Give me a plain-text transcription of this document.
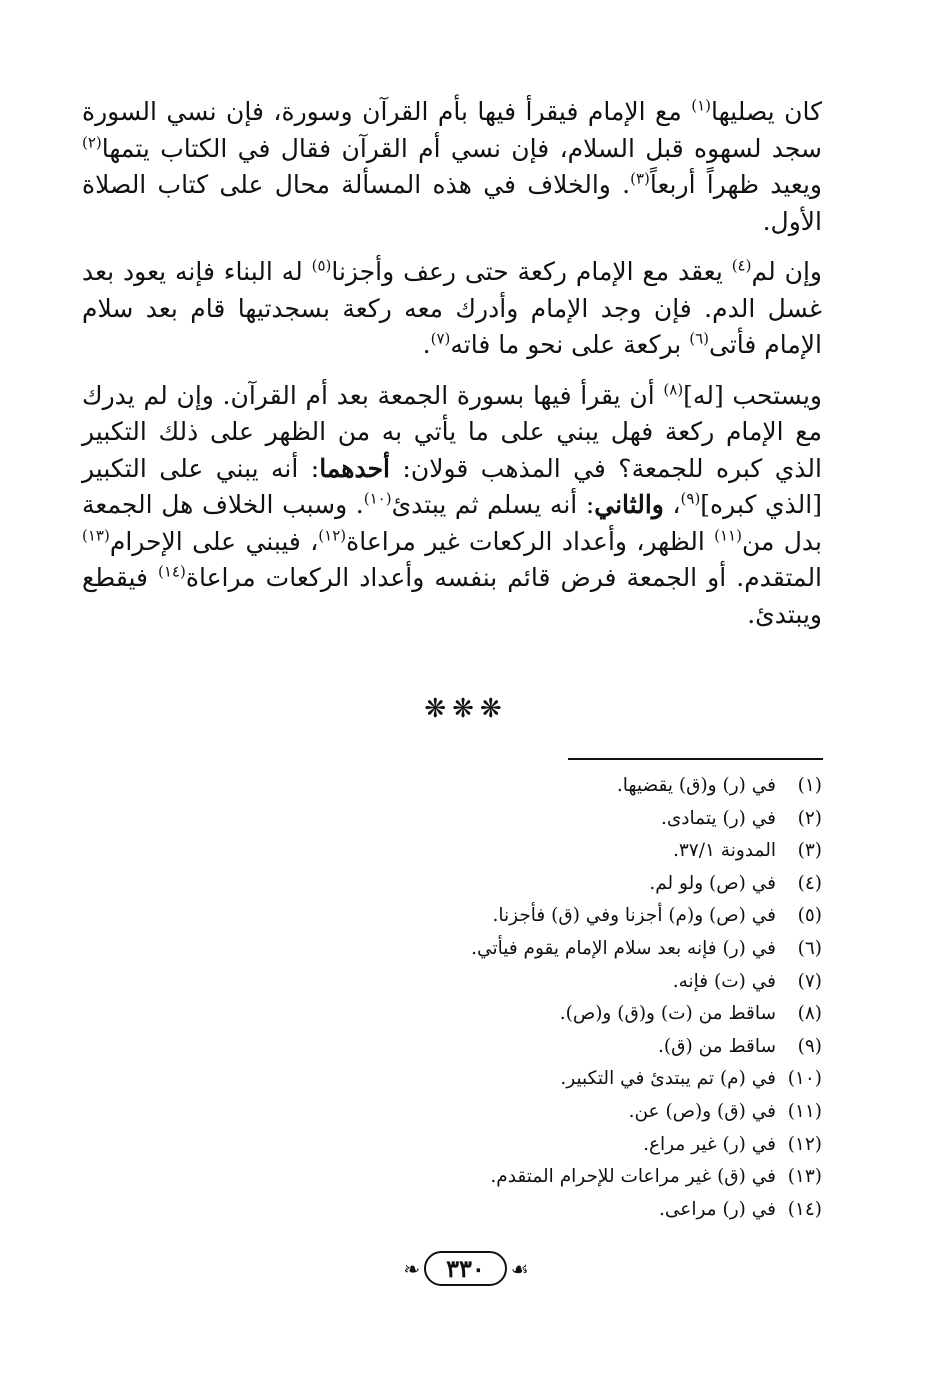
كان يصليها$^{(١)}$ مع الإمام فيقرأ فيها بأم القرآن وسورة، فإن نسي السورة سجد لسهوه قبل السلام، فإن نسي أم القرآن فقال في الكتاب يتمها$^{(٢)}$ ويعيد ظهراً أربعاً$^{(٣)}$. والخلاف في هذه المسألة محال على كتاب الصلاة الأول.

وإن لم$^{(٤)}$ يعقد مع الإمام ركعة حتى رعف وأجزنا$^{(٥)}$ له البناء فإنه يعود بعد غسل الدم. فإن وجد الإمام وأدرك معه ركعة بسجدتيها قام بعد سلام الإمام فأتى$^{(٦)}$ بركعة على نحو ما فاته$^{(٧)}$.

ويستحب [له]$^{(٨)}$ أن يقرأ فيها بسورة الجمعة بعد أم القرآن. وإن لم يدرك مع الإمام ركعة فهل يبني على ما يأتي به من الظهر على ذلك التكبير الذي كبره للجمعة؟ في المذهب قولان: أحدهما: أنه يبني على التكبير [الذي كبره]$^{(٩)}$، والثاني: أنه يسلم ثم يبتدئ$^{(١٠)}$. وسبب الخلاف هل الجمعة بدل من$^{(١١)}$ الظهر، وأعداد الركعات غير مراعاة$^{(١٢)}$، فيبني على الإحرام$^{(١٣)}$ المتقدم. أو الجمعة فرض قائم بنفسه وأعداد الركعات مراعاة$^{(١٤)}$ فيقطع ويبتدئ.

❋❋❋
(١)في (ر) و(ق) يقضيها.
(٢)في (ر) يتمادى.
(٣)المدونة ٣٧/١.
(٤)في (ص) ولو لم.
(٥)في (ص) و(م) أجزنا وفي (ق) فأجزنا.
(٦)في (ر) فإنه بعد سلام الإمام يقوم فيأتي.
(٧)في (ت) فإنه.
(٨)ساقط من (ت) و(ق) و(ص).
(٩)ساقط من (ق).
(١٠)في (م) تم يبتدئ في التكبير.
(١١)في (ق) و(ص) عن.
(١٢)في (ر) غير مراع.
(١٣)في (ق) غير مراعات للإحرام المتقدم.
(١٤)في (ر) مراعى.
❧	٣٣٠	☙
